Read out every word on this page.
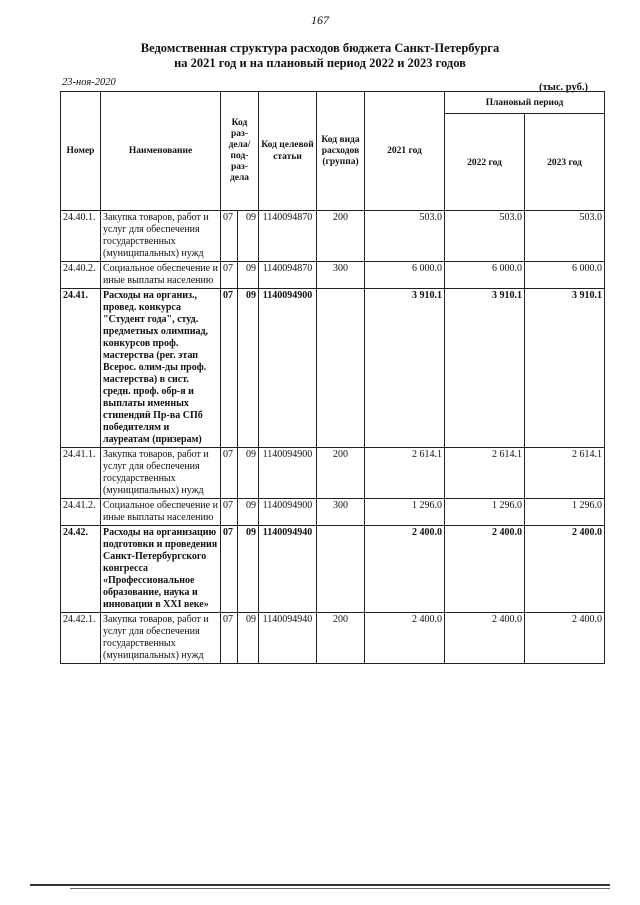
167
Ведомственная структура расходов бюджета Санкт-Петербурга
на 2021 год и на плановый период 2022 и 2023 годов
23-ноя-2020	(тыс. руб.)
Номер	Наименование	Код раз-дела/ под-раз-дела		Код целевой статьи	Код вида расходов (группа)	2021 год	Плановый период	
							2022 год	2023 год
24.40.1.	Закупка товаров, работ и услуг для обеспечения государственных (муниципальных) нужд	07	09	1140094870	200	503.0	503.0	503.0
24.40.2.	Социальное обеспечение и иные выплаты населению	07	09	1140094870	300	6 000.0	6 000.0	6 000.0
24.41.	Расходы на организ., провед. конкурса "Студент года", студ. предметных олимпиад, конкурсов проф. мастерства (рег. этап Всерос. олим-ды проф. мастерства) в сист. средн. проф. обр-я и выплаты именных стипендий Пр-ва СПб победителям и лауреатам (призерам)	07	09	1140094900		3 910.1	3 910.1	3 910.1
24.41.1.	Закупка товаров, работ и услуг для обеспечения государственных (муниципальных) нужд	07	09	1140094900	200	2 614.1	2 614.1	2 614.1
24.41.2.	Социальное обеспечение и иные выплаты населению	07	09	1140094900	300	1 296.0	1 296.0	1 296.0
24.42.	Расходы на организацию подготовки и проведения Санкт-Петербургского конгресса «Профессиональное образование, наука и инновации в XXI веке»	07	09	1140094940		2 400.0	2 400.0	2 400.0
24.42.1.	Закупка товаров, работ и услуг для обеспечения государственных (муниципальных) нужд	07	09	1140094940	200	2 400.0	2 400.0	2 400.0
